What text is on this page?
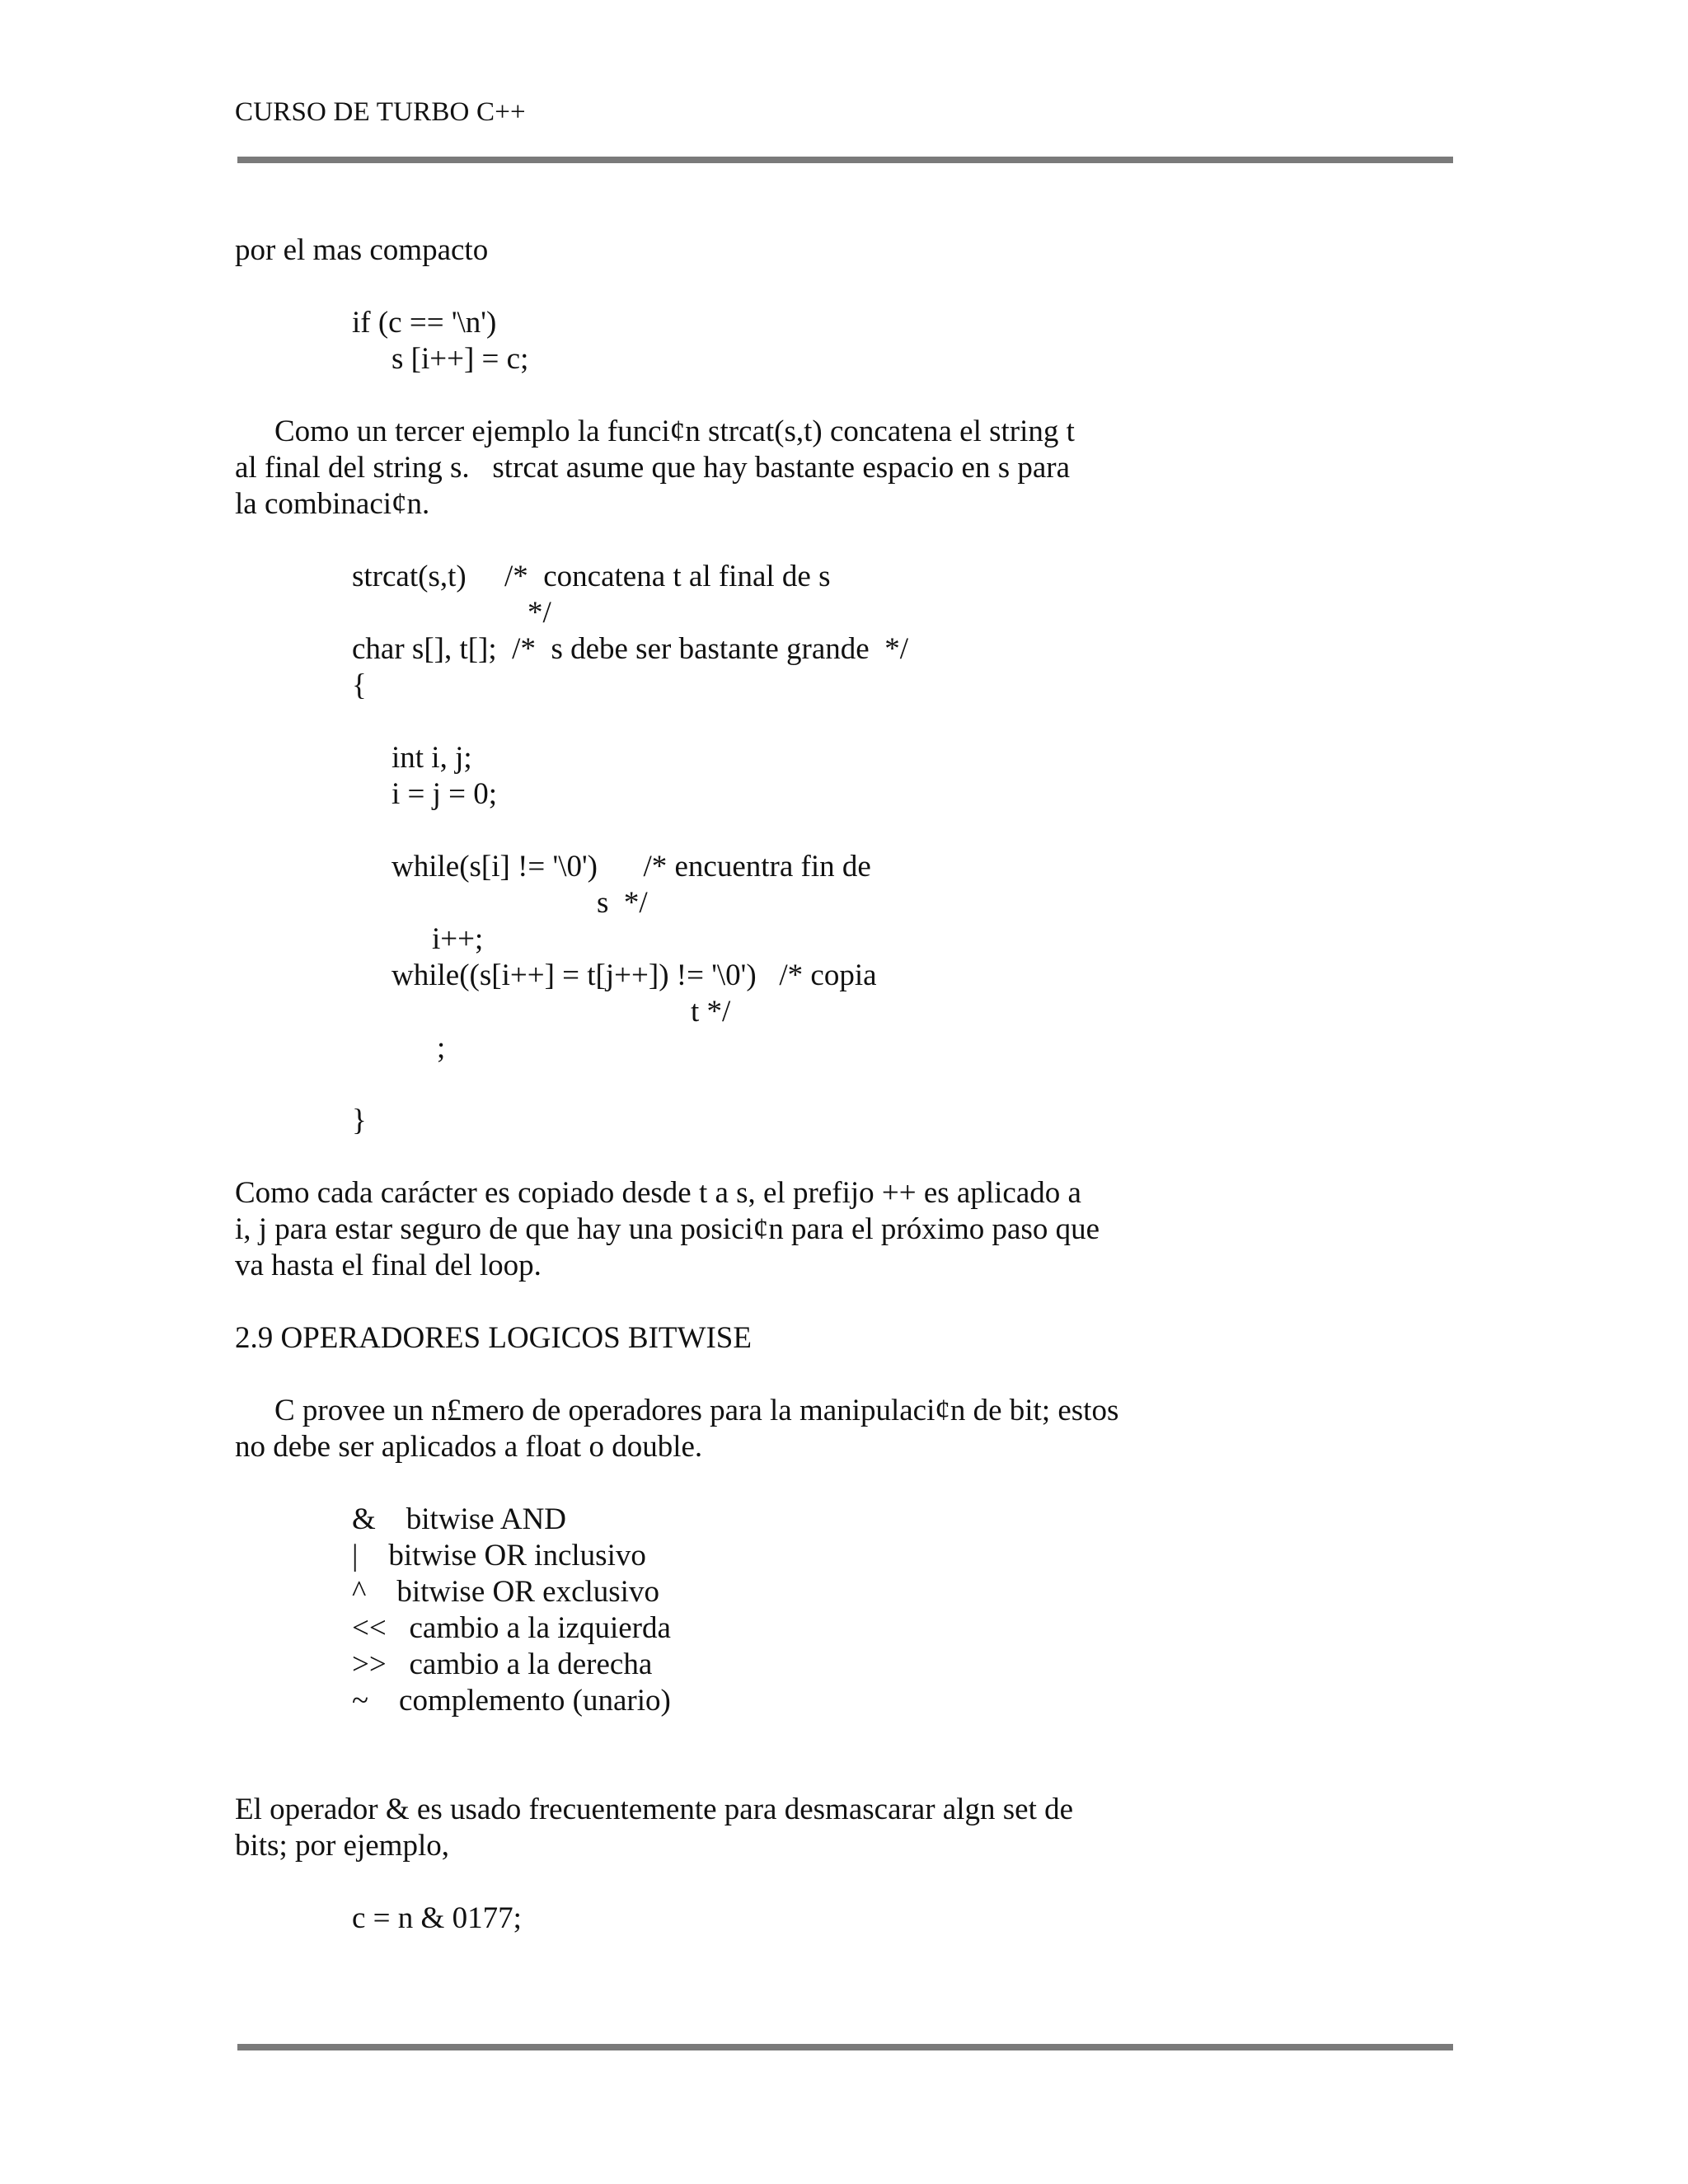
CURSO DE TURBO C++
por el mas compacto
if (c == '\n')
s [i++] = c;
Como un tercer ejemplo la funci¢n strcat(s,t) concatena el string t
al final del string s.   strcat asume que hay bastante espacio en s para
la combinaci¢n.
strcat(s,t)     /*  concatena t al final de s
*/
char s[], t[];  /*  s debe ser bastante grande  */
{
int i, j;
i = j = 0;
while(s[i] != '\0')      /* encuentra fin de
s  */
i++;
while((s[i++] = t[j++]) != '\0')   /* copia
t */
;
}
Como cada carácter es copiado desde t a s, el prefijo ++ es aplicado a
i, j para estar seguro de que hay una posici¢n para el próximo paso que
va hasta el final del loop.
2.9 OPERADORES LOGICOS BITWISE
C provee un n£mero de operadores para la manipulaci¢n de bit; estos
no debe ser aplicados a float o double.
&    bitwise AND
|    bitwise OR inclusivo
^    bitwise OR exclusivo
<<   cambio a la izquierda
>>   cambio a la derecha
~    complemento (unario)
El operador & es usado frecuentemente para desmascarar algn set de
bits; por ejemplo,
c = n & 0177;
